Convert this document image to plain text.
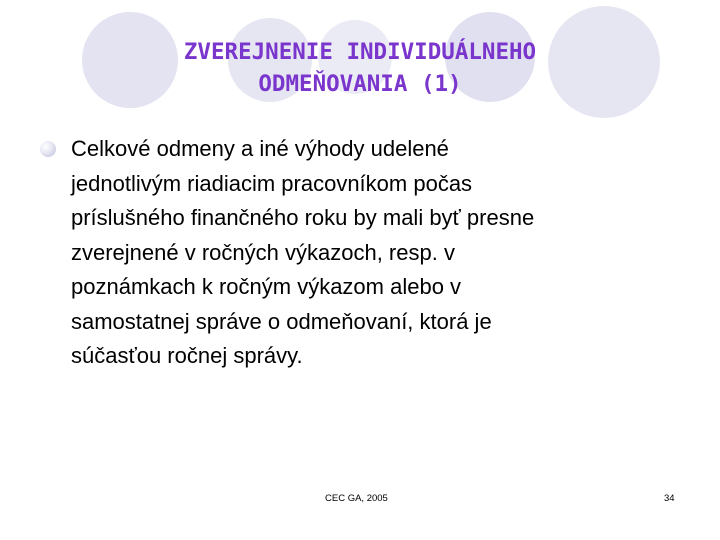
ZVEREJNENIE INDIVIDUÁLNEHO
ODMEŇOVANIA (1)
Celkové odmeny a iné výhody udelené
jednotlivým riadiacim pracovníkom počas
príslušného finančného roku by mali byť presne
zverejnené v ročných výkazoch, resp. v
poznámkach k ročným výkazom alebo v
samostatnej správe o odmeňovaní, ktorá je
súčasťou ročnej správy.
CEC GA, 2005	34
